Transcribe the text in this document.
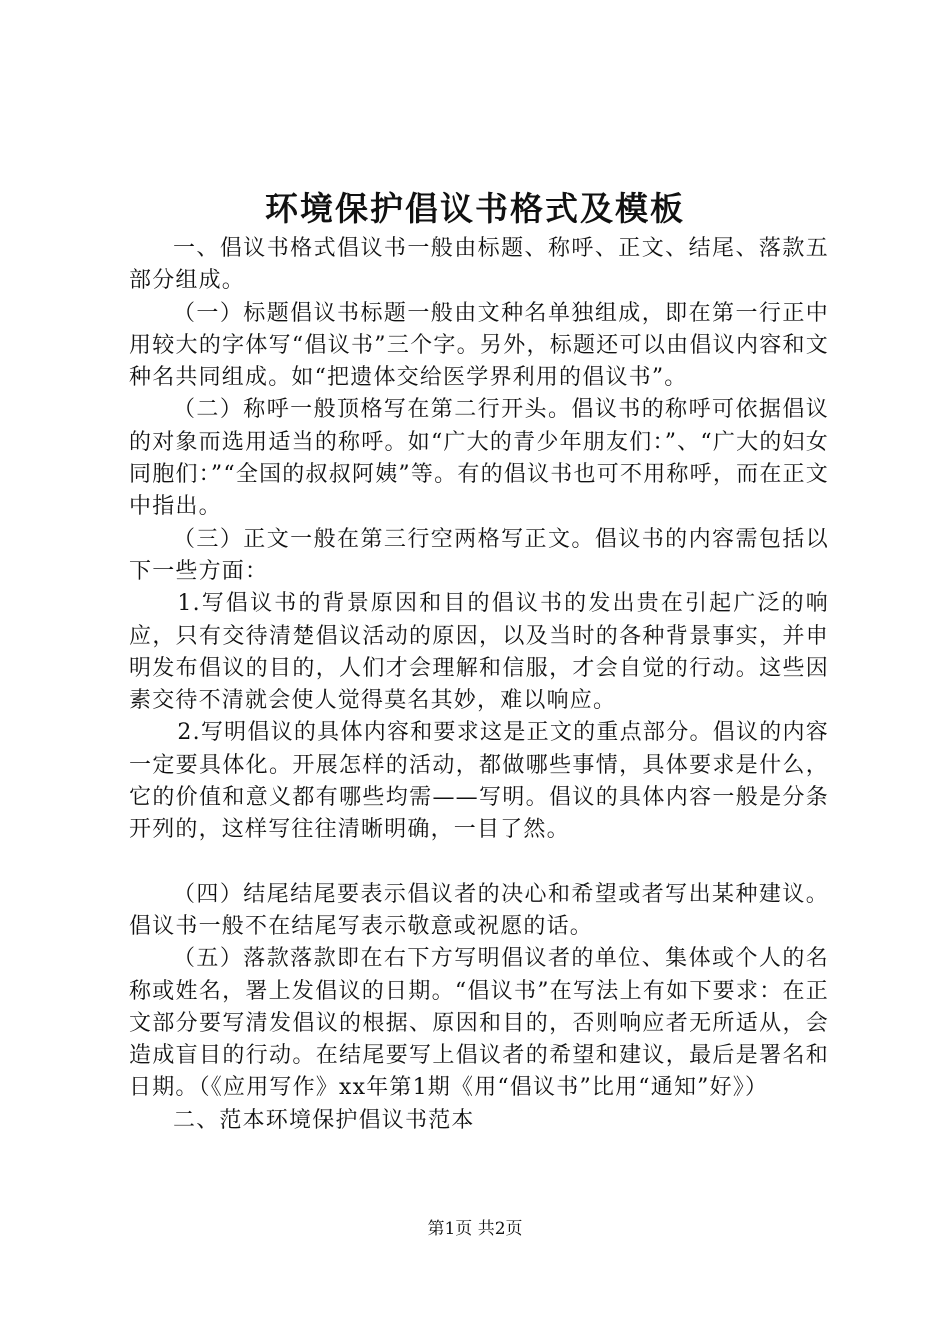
环境保护倡议书格式及模板

一、倡议书格式倡议书一般由标题、称呼、正文、结尾、落款五部分组成。

（一）标题倡议书标题一般由文种名单独组成，即在第一行正中用较大的字体写“倡议书”三个字。另外，标题还可以由倡议内容和文种名共同组成。如“把遗体交给医学界利用的倡议书”。

（二）称呼一般顶格写在第二行开头。倡议书的称呼可依据倡议的对象而选用适当的称呼。如“广大的青少年朋友们：”、“广大的妇女同胞们：”“全国的叔叔阿姨”等。有的倡议书也可不用称呼，而在正文中指出。

（三）正文一般在第三行空两格写正文。倡议书的内容需包括以下一些方面：

1.写倡议书的背景原因和目的倡议书的发出贵在引起广泛的响应，只有交待清楚倡议活动的原因，以及当时的各种背景事实，并申明发布倡议的目的，人们才会理解和信服，才会自觉的行动。这些因素交待不清就会使人觉得莫名其妙，难以响应。

2.写明倡议的具体内容和要求这是正文的重点部分。倡议的内容一定要具体化。开展怎样的活动，都做哪些事情，具体要求是什么，它的价值和意义都有哪些均需——写明。倡议的具体内容一般是分条开列的，这样写往往清晰明确，一目了然。

（四）结尾结尾要表示倡议者的决心和希望或者写出某种建议。倡议书一般不在结尾写表示敬意或祝愿的话。

（五）落款落款即在右下方写明倡议者的单位、集体或个人的名称或姓名，署上发倡议的日期。“倡议书”在写法上有如下要求：在正文部分要写清发倡议的根据、原因和目的，否则响应者无所适从，会造成盲目的行动。在结尾要写上倡议者的希望和建议，最后是署名和日期。（《应用写作》xx年第1期《用“倡议书”比用“通知”好》）

二、范本环境保护倡议书范本

第1页 共2页
